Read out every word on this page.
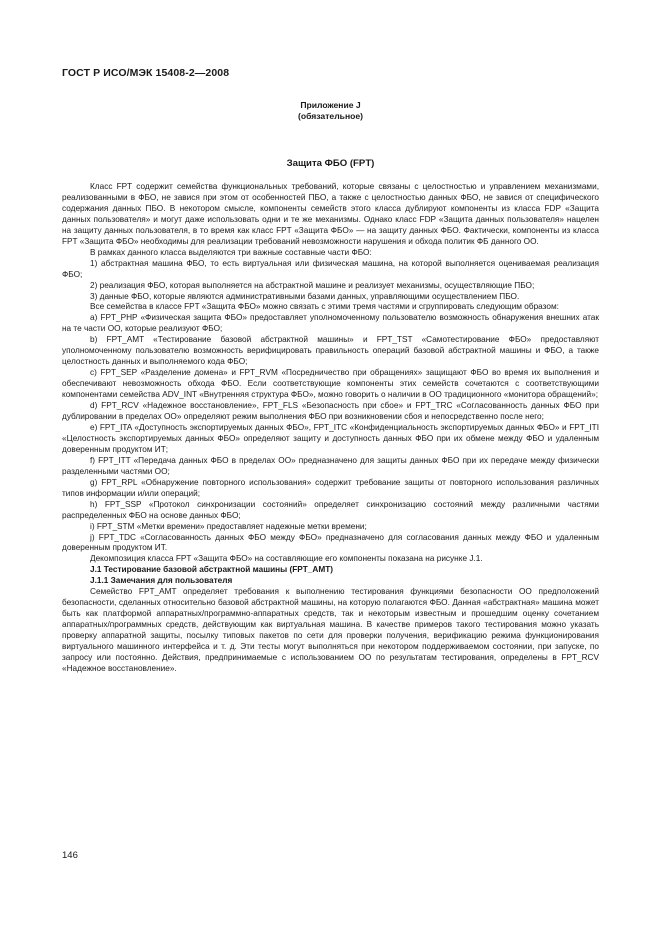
ГОСТ Р ИСО/МЭК 15408-2—2008
Приложение J
(обязательное)
Защита ФБО (FPT)

Класс FPT содержит семейства функциональных требований, которые связаны с целостностью и управлением механизмами, реализованными в ФБО, не завися при этом от особенностей ПБО, а также с целостностью данных ФБО, не завися от специфического содержания данных ПБО. В некотором смысле, компоненты семейств этого класса дублируют компоненты из класса FDP «Защита данных пользователя» и могут даже использовать одни и те же механизмы. Однако класс FDP «Защита данных пользователя» нацелен на защиту данных пользователя, в то время как класс FPT «Защита ФБО» — на защиту данных ФБО. Фактически, компоненты из класса FPT «Защита ФБО» необходимы для реализации требований невозможности нарушения и обхода политик ФБ данного ОО.

В рамках данного класса выделяются три важные составные части ФБО:

1) абстрактная машина ФБО, то есть виртуальная или физическая машина, на которой выполняется оцениваемая реализация ФБО;

2) реализация ФБО, которая выполняется на абстрактной машине и реализует механизмы, осуществляющие ПБО;

3) данные ФБО, которые являются административными базами данных, управляющими осуществлением ПБО.

Все семейства в классе FPT «Защита ФБО» можно связать с этими тремя частями и сгруппировать следующим образом:

a) FPT_PHP «Физическая защита ФБО» предоставляет уполномоченному пользователю возможность обнаружения внешних атак на те части ОО, которые реализуют ФБО;

b) FPT_AMT «Тестирование базовой абстрактной машины» и FPT_TST «Самотестирование ФБО» предоставляют уполномоченному пользователю возможность верифицировать правильность операций базовой абстрактной машины и ФБО, а также целостность данных и выполняемого кода ФБО;

c) FPT_SEP «Разделение домена» и FPT_RVM «Посредничество при обращениях» защищают ФБО во время их выполнения и обеспечивают невозможность обхода ФБО. Если соответствующие компоненты этих семейств сочетаются с соответствующими компонентами семейства ADV_INT «Внутренняя структура ФБО», можно говорить о наличии в ОО традиционного «монитора обращений»;

d) FPT_RCV «Надежное восстановление», FPT_FLS «Безопасность при сбое» и FPT_TRC «Согласованность данных ФБО при дублировании в пределах ОО» определяют режим выполнения ФБО при возникновении сбоя и непосредственно после него;

e) FPT_ITA «Доступность экспортируемых данных ФБО», FPT_ITC «Конфиденциальность экспортируемых данных ФБО» и FPT_ITI «Целостность экспортируемых данных ФБО» определяют защиту и доступность данных ФБО при их обмене между ФБО и удаленным доверенным продуктом ИТ;

f) FPT_ITT «Передача данных ФБО в пределах ОО» предназначено для защиты данных ФБО при их передаче между физически разделенными частями ОО;

g) FPT_RPL «Обнаружение повторного использования» содержит требование защиты от повторного использования различных типов информации и/или операций;

h) FPT_SSP «Протокол синхронизации состояний» определяет синхронизацию состояний между различными частями распределенных ФБО на основе данных ФБО;

i) FPT_STM «Метки времени» предоставляет надежные метки времени;

j) FPT_TDC «Согласованность данных ФБО между ФБО» предназначено для согласования данных между ФБО и удаленным доверенным продуктом ИТ.

Декомпозиция класса FPT «Защита ФБО» на составляющие его компоненты показана на рисунке J.1.

J.1 Тестирование базовой абстрактной машины (FPT_AMT)

J.1.1 Замечания для пользователя

Семейство FPT_AMT определяет требования к выполнению тестирования функциями безопасности ОО предположений безопасности, сделанных относительно базовой абстрактной машины, на которую полагаются ФБО. Данная «абстрактная» машина может быть как платформой аппаратных/программно-аппаратных средств, так и некоторым известным и прошедшим оценку сочетанием аппаратных/программных средств, действующим как виртуальная машина. В качестве примеров такого тестирования можно указать проверку аппаратной защиты, посылку типовых пакетов по сети для проверки получения, верификацию режима функционирования виртуального машинного интерфейса и т. д. Эти тесты могут выполняться при некотором поддерживаемом состоянии, при запуске, по запросу или постоянно. Действия, предпринимаемые с использованием ОО по результатам тестирования, определены в FPT_RCV «Надежное восстановление».

146
